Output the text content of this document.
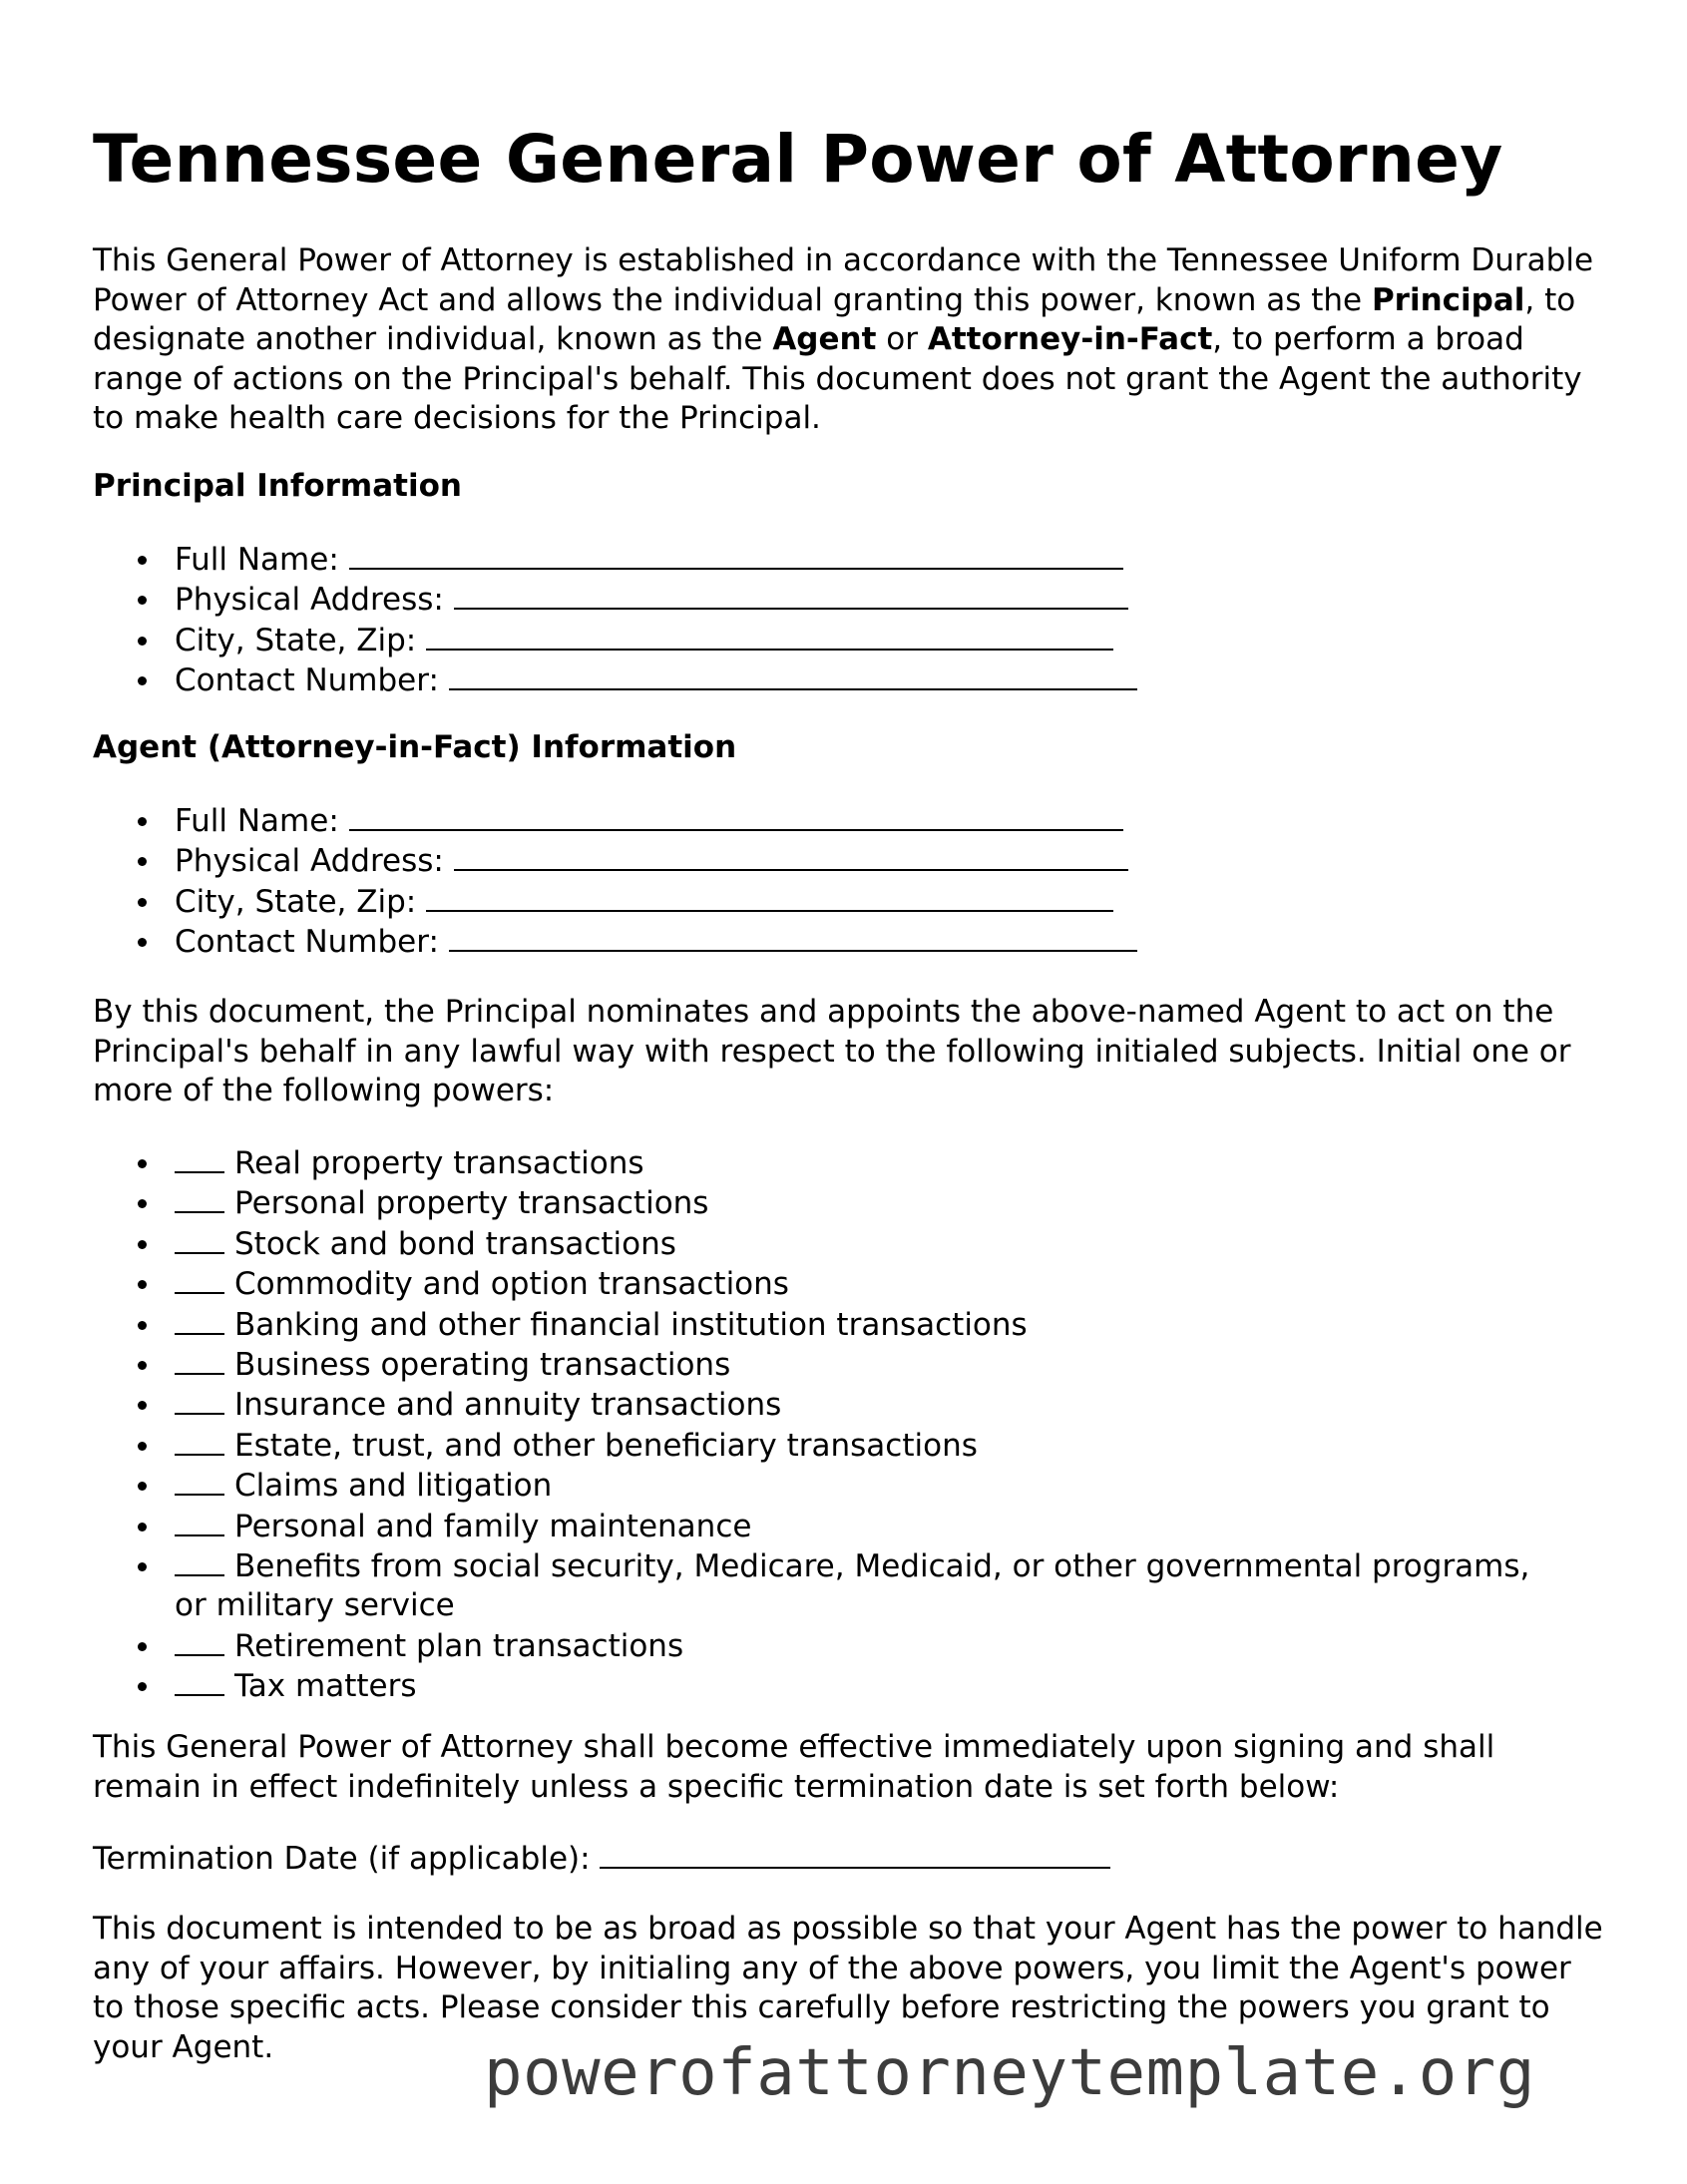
Tennessee General Power of Attorney

This General Power of Attorney is established in accordance with the Tennessee Uniform Durable Power of Attorney Act and allows the individual granting this power, known as the Principal, to designate another individual, known as the Agent or Attorney-in-Fact, to perform a broad range of actions on the Principal's behalf. This document does not grant the Agent the authority to make health care decisions for the Principal.

Principal Information
Full Name:
Physical Address:
City, State, Zip:
Contact Number:
Agent (Attorney-in-Fact) Information
Full Name:
Physical Address:
City, State, Zip:
Contact Number:

By this document, the Principal nominates and appoints the above-named Agent to act on the Principal's behalf in any lawful way with respect to the following initialed subjects. Initial one or more of the following powers:

Real property transactions
Personal property transactions
Stock and bond transactions
Commodity and option transactions
Banking and other financial institution transactions
Business operating transactions
Insurance and annuity transactions
Estate, trust, and other beneficiary transactions
Claims and litigation
Personal and family maintenance
Benefits from social security, Medicare, Medicaid, or other governmental programs, or military service
Retirement plan transactions
Tax matters

This General Power of Attorney shall become effective immediately upon signing and shall remain in effect indefinitely unless a specific termination date is set forth below:

Termination Date (if applicable):

This document is intended to be as broad as possible so that your Agent has the power to handle any of your affairs. However, by initialing any of the above powers, you limit the Agent's power to those specific acts. Please consider this carefully before restricting the powers you grant to your Agent.	powerofattorneytemplate.org
